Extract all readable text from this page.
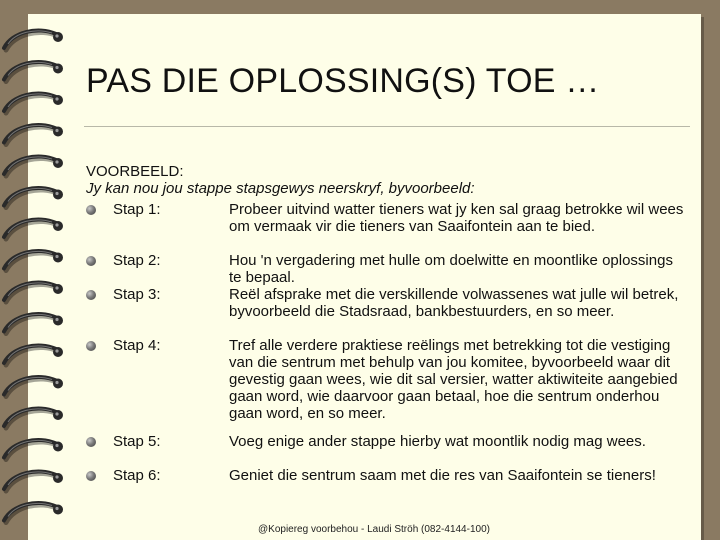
PAS DIE OPLOSSING(S) TOE …
VOORBEELD:
Jy kan nou jou stappe stapsgewys neerskryf, byvoorbeeld:
Stap 1:	Probeer uitvind watter tieners wat jy ken sal graag betrokke wil wees om vermaak vir die tieners van Saaifontein aan te bied.
Stap 2:	Hou 'n vergadering met hulle om doelwitte en moontlike oplossings te bepaal.
Stap 3:	Reël afsprake met die verskillende volwassenes wat julle wil betrek, byvoorbeeld die Stadsraad, bankbestuurders, en so meer.
Stap 4:	Tref alle verdere praktiese reëlings met betrekking tot die vestiging van die sentrum met behulp van jou komitee, byvoorbeeld waar dit gevestig gaan wees, wie dit sal versier, watter aktiwiteite aangebied gaan word, wie daarvoor gaan betaal, hoe die sentrum onderhou gaan word, en so meer.
Stap 5:	Voeg enige ander stappe hierby wat moontlik nodig mag wees.
Stap 6:	Geniet die sentrum saam met die res van Saaifontein se tieners!
@Kopiereg voorbehou - Laudi Ströh (082-4144-100)
